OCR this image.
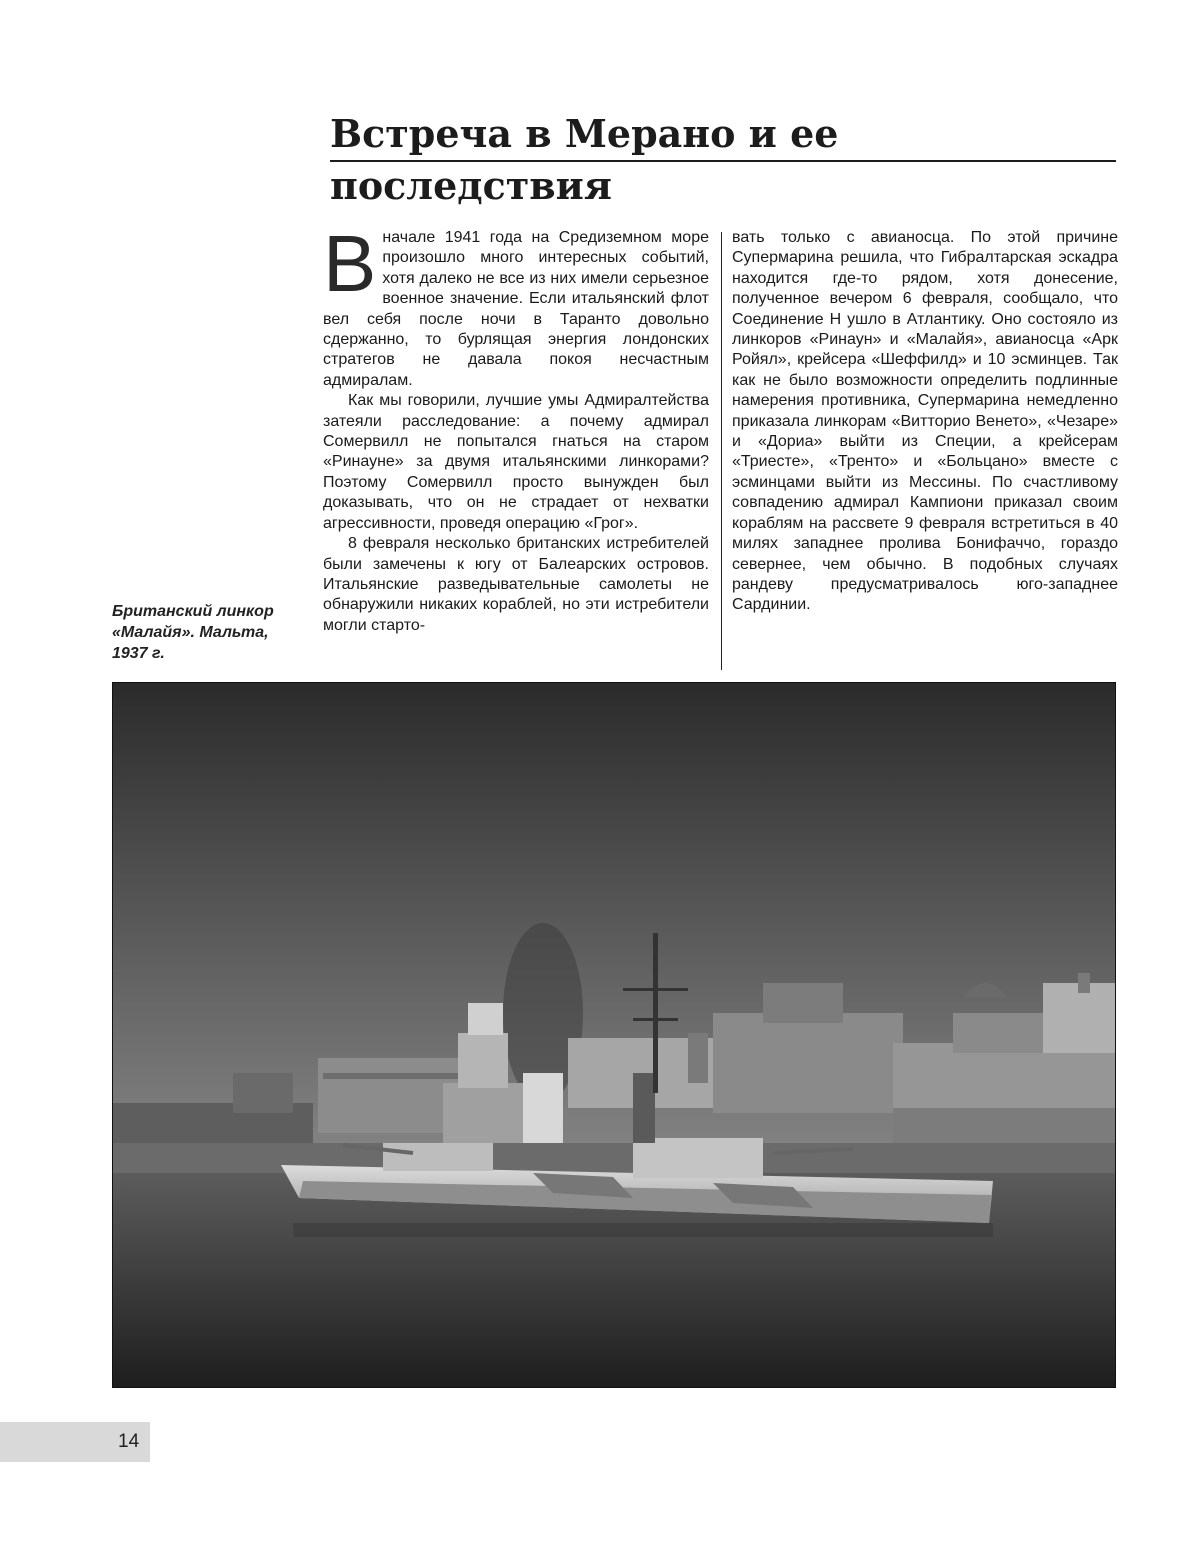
Встреча в Мерано и ее последствия

В начале 1941 года на Средиземном море произошло много интересных событий, хотя далеко не все из них имели серьезное военное значение. Если итальянский флот вел себя после ночи в Таранто довольно сдержанно, то бурлящая энергия лондонских стратегов не давала покоя несчастным адмиралам.

Как мы говорили, лучшие умы Адмиралтейства затеяли расследование: а почему адмирал Сомервилл не попытался гнаться на старом «Ринауне» за двумя итальянскими линкорами? Поэтому Сомервилл просто вынужден был доказывать, что он не страдает от нехватки агрессивности, проведя операцию «Грог».

8 февраля несколько британских истребителей были замечены к югу от Балеарских островов. Итальянские разведывательные самолеты не обнаружили никаких кораблей, но эти истребители могли старто-

вать только с авианосца. По этой причине Супермарина решила, что Гибралтарская эскадра находится где-то рядом, хотя донесение, полученное вечером 6 февраля, сообщало, что Соединение Н ушло в Атлантику. Оно состояло из линкоров «Ринаун» и «Малайя», авианосца «Арк Ройял», крейсера «Шеффилд» и 10 эсминцев. Так как не было возможности определить подлинные намерения противника, Супермарина немедленно приказала линкорам «Витторио Венето», «Чезаре» и «Дориа» выйти из Специи, а крейсерам «Триесте», «Тренто» и «Больцано» вместе с эсминцами выйти из Мессины. По счастливому совпадению адмирал Кампиони приказал своим кораблям на рассвете 9 февраля встретиться в 40 милях западнее пролива Бонифаччо, гораздо севернее, чем обычно. В подобных случаях рандеву предусматривалось юго-западнее Сардинии.

Британский линкор «Малайя». Мальта, 1937 г.

14
